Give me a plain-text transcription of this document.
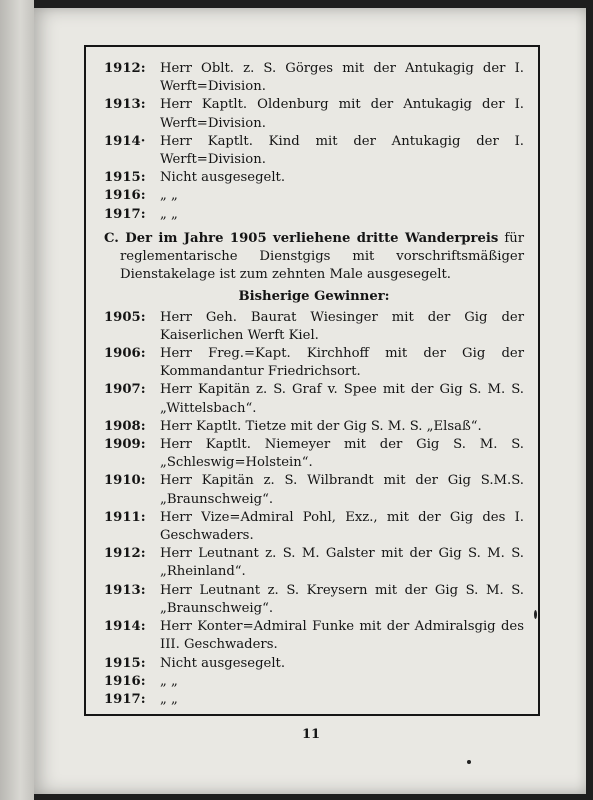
1912: Herr Oblt. z. S. Görges mit der Antukagig der I. Werft=Division.
1913: Herr Kaptlt. Oldenburg mit der Antukagig der I. Werft=Division.
1914· Herr Kaptlt. Kind mit der Antukagig der I. Werft=Division.
1915: Nicht ausgesegelt.
1916: „ „
1917: „ „
C. Der im Jahre 1905 verliehene dritte Wanderpreis für reglementarische Dienstgigs mit vorschriftsmäßiger Dienstakelage ist zum zehnten Male ausgesegelt.
Bisherige Gewinner:
1905: Herr Geh. Baurat Wiesinger mit der Gig der Kaiserlichen Werft Kiel.
1906: Herr Freg.=Kapt. Kirchhoff mit der Gig der Kommandantur Friedrichsort.
1907: Herr Kapitän z. S. Graf v. Spee mit der Gig S. M. S. „Wittelsbach“.
1908: Herr Kaptlt. Tietze mit der Gig S. M. S. „Elsaß“.
1909: Herr Kaptlt. Niemeyer mit der Gig S. M. S. „Schleswig=Holstein“.
1910: Herr Kapitän z. S. Wilbrandt mit der Gig S.M.S. „Braunschweig“.
1911: Herr Vize=Admiral Pohl, Exz., mit der Gig des I. Geschwaders.
1912: Herr Leutnant z. S. M. Galster mit der Gig S. M. S. „Rheinland“.
1913: Herr Leutnant z. S. Kreysern mit der Gig S. M. S. „Braunschweig“.
1914: Herr Konter=Admiral Funke mit der Admiralsgig des III. Geschwaders.
1915: Nicht ausgesegelt.
1916: „ „
1917: „ „
11
